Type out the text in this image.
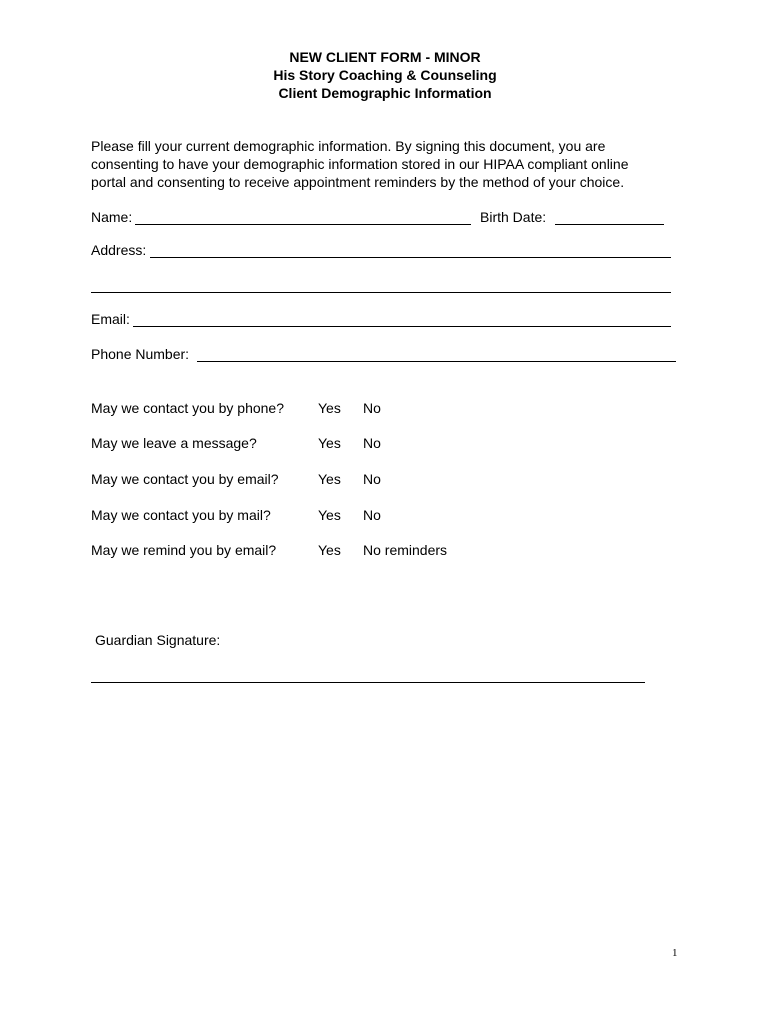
NEW CLIENT FORM - MINOR
His Story Coaching & Counseling
Client Demographic Information
Please fill your current demographic information. By signing this document, you are
consenting to have your demographic information stored in our HIPAA compliant online
portal and consenting to receive appointment reminders by the method of your choice.
Name:	Birth Date:
Address:
Email:
Phone Number:
May we contact you by phone? Yes No
May we leave a message?	Yes No
May we contact you by email?	Yes No
May we contact you by mail?	Yes No
May we remind you by email?	Yes No reminders
Guardian Signature:
1
